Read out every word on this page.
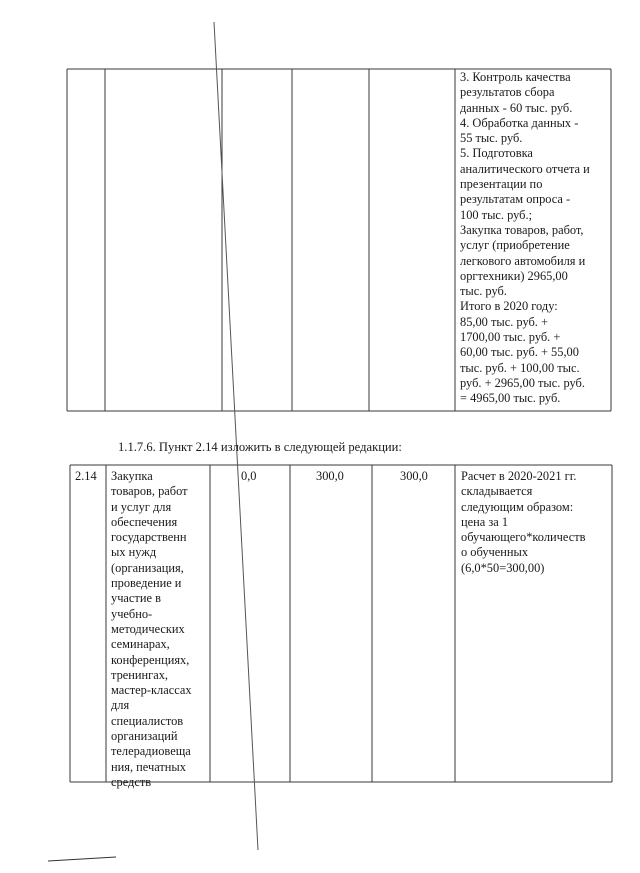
3. Контроль качества
результатов сбора
данных - 60 тыс. руб.
4. Обработка данных -
55 тыс. руб.
5. Подготовка
аналитического отчета и
презентации по
результатам опроса -
100 тыс. руб.;
Закупка товаров, работ,
услуг (приобретение
легкового автомобиля и
оргтехники) 2965,00
тыс. руб.
Итого в 2020 году:
85,00 тыс. руб. +
1700,00 тыс. руб. +
60,00 тыс. руб. + 55,00
тыс. руб. + 100,00 тыс.
руб. + 2965,00 тыс. руб.
= 4965,00 тыс. руб.
1.1.7.6. Пункт 2.14 изложить в следующей редакции:
2.14 Закупка
товаров, работ
и услуг для
обеспечения
государственн
ых нужд
(организация,
проведение и
участие в
учебно-
методических
семинарах,
конференциях,
тренингах,
мастер-классах
для
специалистов
организаций
телерадиовеща
ния, печатных
средств
0,0	300,0	300,0	Расчет в 2020-2021 гг.
складывается
следующим образом:
цена за 1
обучающего*количеств
о обученных
(6,0*50=300,00)
